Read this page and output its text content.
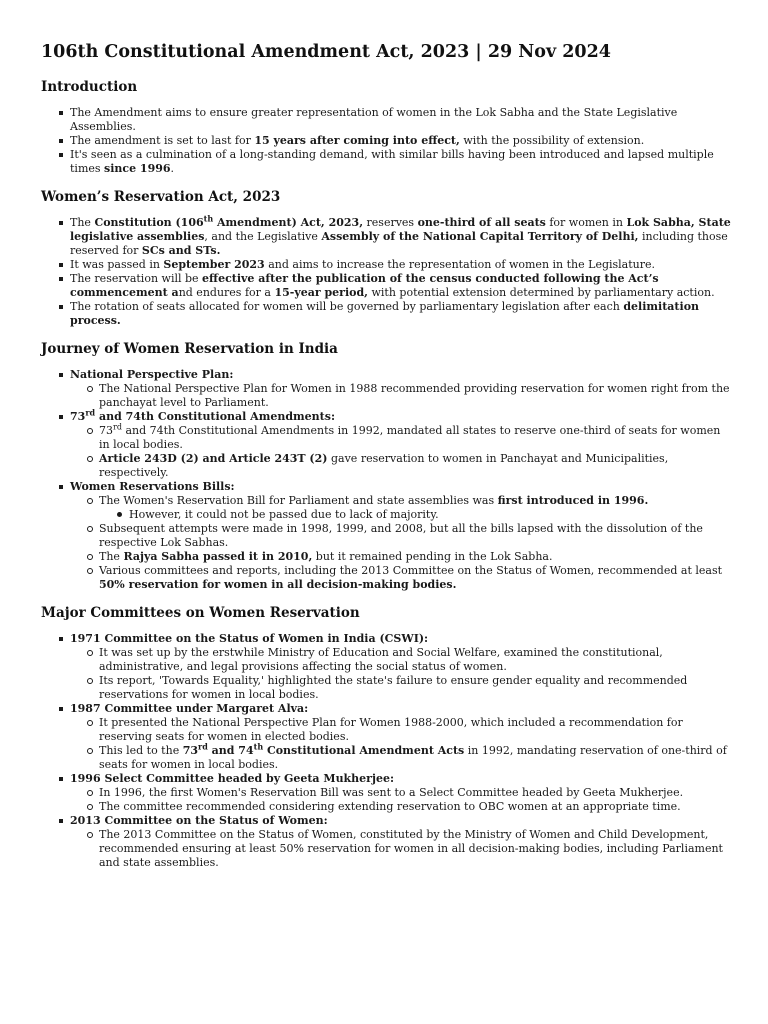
106th Constitutional Amendment Act, 2023 | 29 Nov 2024
Introduction
The Amendment aims to ensure greater representation of women in the Lok Sabha and the State Legislative Assemblies.
The amendment is set to last for 15 years after coming into effect, with the possibility of extension.
It's seen as a culmination of a long-standing demand, with similar bills having been introduced and lapsed multiple times since 1996.
Women’s Reservation Act, 2023
The Constitution (106th Amendment) Act, 2023, reserves one-third of all seats for women in Lok Sabha, State legislative assemblies, and the Legislative Assembly of the National Capital Territory of Delhi, including those reserved for SCs and STs.
It was passed in September 2023 and aims to increase the representation of women in the Legislature.
The reservation will be effective after the publication of the census conducted following the Act’s commencement and endures for a 15-year period, with potential extension determined by parliamentary action.
The rotation of seats allocated for women will be governed by parliamentary legislation after each delimitation process.
Journey of Women Reservation in India
National Perspective Plan:
The National Perspective Plan for Women in 1988 recommended providing reservation for women right from the panchayat level to Parliament.
73rd and 74th Constitutional Amendments:
73rd and 74th Constitutional Amendments in 1992, mandated all states to reserve one-third of seats for women in local bodies.
Article 243D (2) and Article 243T (2) gave reservation to women in Panchayat and Municipalities, respectively.
Women Reservations Bills:
The Women's Reservation Bill for Parliament and state assemblies was first introduced in 1996.
However, it could not be passed due to lack of majority.
Subsequent attempts were made in 1998, 1999, and 2008, but all the bills lapsed with the dissolution of the respective Lok Sabhas.
The Rajya Sabha passed it in 2010, but it remained pending in the Lok Sabha.
Various committees and reports, including the 2013 Committee on the Status of Women, recommended at least 50% reservation for women in all decision-making bodies.
Major Committees on Women Reservation
1971 Committee on the Status of Women in India (CSWI):
It was set up by the erstwhile Ministry of Education and Social Welfare, examined the constitutional, administrative, and legal provisions affecting the social status of women.
Its report, 'Towards Equality,' highlighted the state's failure to ensure gender equality and recommended reservations for women in local bodies.
1987 Committee under Margaret Alva:
It presented the National Perspective Plan for Women 1988-2000, which included a recommendation for reserving seats for women in elected bodies.
This led to the 73rd and 74th Constitutional Amendment Acts in 1992, mandating reservation of one-third of seats for women in local bodies.
1996 Select Committee headed by Geeta Mukherjee:
In 1996, the first Women's Reservation Bill was sent to a Select Committee headed by Geeta Mukherjee.
The committee recommended considering extending reservation to OBC women at an appropriate time.
2013 Committee on the Status of Women:
The 2013 Committee on the Status of Women, constituted by the Ministry of Women and Child Development, recommended ensuring at least 50% reservation for women in all decision-making bodies, including Parliament and state assemblies.
